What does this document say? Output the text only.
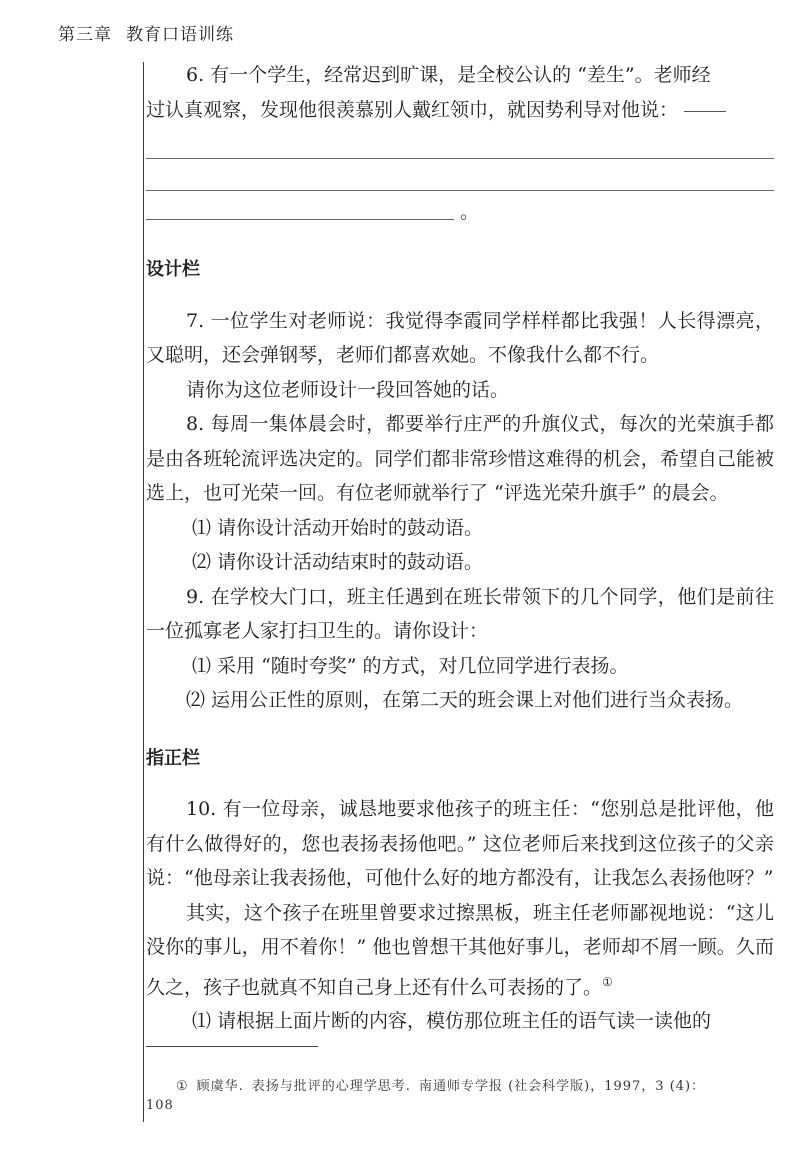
第三章 教育口语训练

6. 有一个学生，经常迟到旷课，是全校公认的 “差生”。老师经

过认真观察，发现他很羡慕别人戴红领巾，就因势利导对他说：

。

设计栏

7. 一位学生对老师说：我觉得李霞同学样样都比我强！人长得漂亮，又聪明，还会弹钢琴，老师们都喜欢她。不像我什么都不行。

请你为这位老师设计一段回答她的话。

8. 每周一集体晨会时，都要举行庄严的升旗仪式，每次的光荣旗手都是由各班轮流评选决定的。同学们都非常珍惜这难得的机会，希望自己能被选上，也可光荣一回。有位老师就举行了 “评选光荣升旗手” 的晨会。

⑴ 请你设计活动开始时的鼓动语。

⑵ 请你设计活动结束时的鼓动语。

9. 在学校大门口，班主任遇到在班长带领下的几个同学，他们是前往一位孤寡老人家打扫卫生的。请你设计：

⑴ 采用 “随时夸奖” 的方式，对几位同学进行表扬。

⑵ 运用公正性的原则，在第二天的班会课上对他们进行当众表扬。

指正栏

10. 有一位母亲，诚恳地要求他孩子的班主任：“您别总是批评他，他有什么做得好的，您也表扬表扬他吧。” 这位老师后来找到这位孩子的父亲说：“他母亲让我表扬他，可他什么好的地方都没有，让我怎么表扬他呀？”

其实，这个孩子在班里曾要求过擦黑板，班主任老师鄙视地说：“这儿没你的事儿，用不着你！” 他也曾想干其他好事儿，老师却不屑一顾。久而久之，孩子也就真不知自己身上还有什么可表扬的了。①

⑴ 请根据上面片断的内容，模仿那位班主任的语气读一读他的

① 顾虞华. 表扬与批评的心理学思考. 南通师专学报 (社会科学版)，1997，3 (4)：
108
